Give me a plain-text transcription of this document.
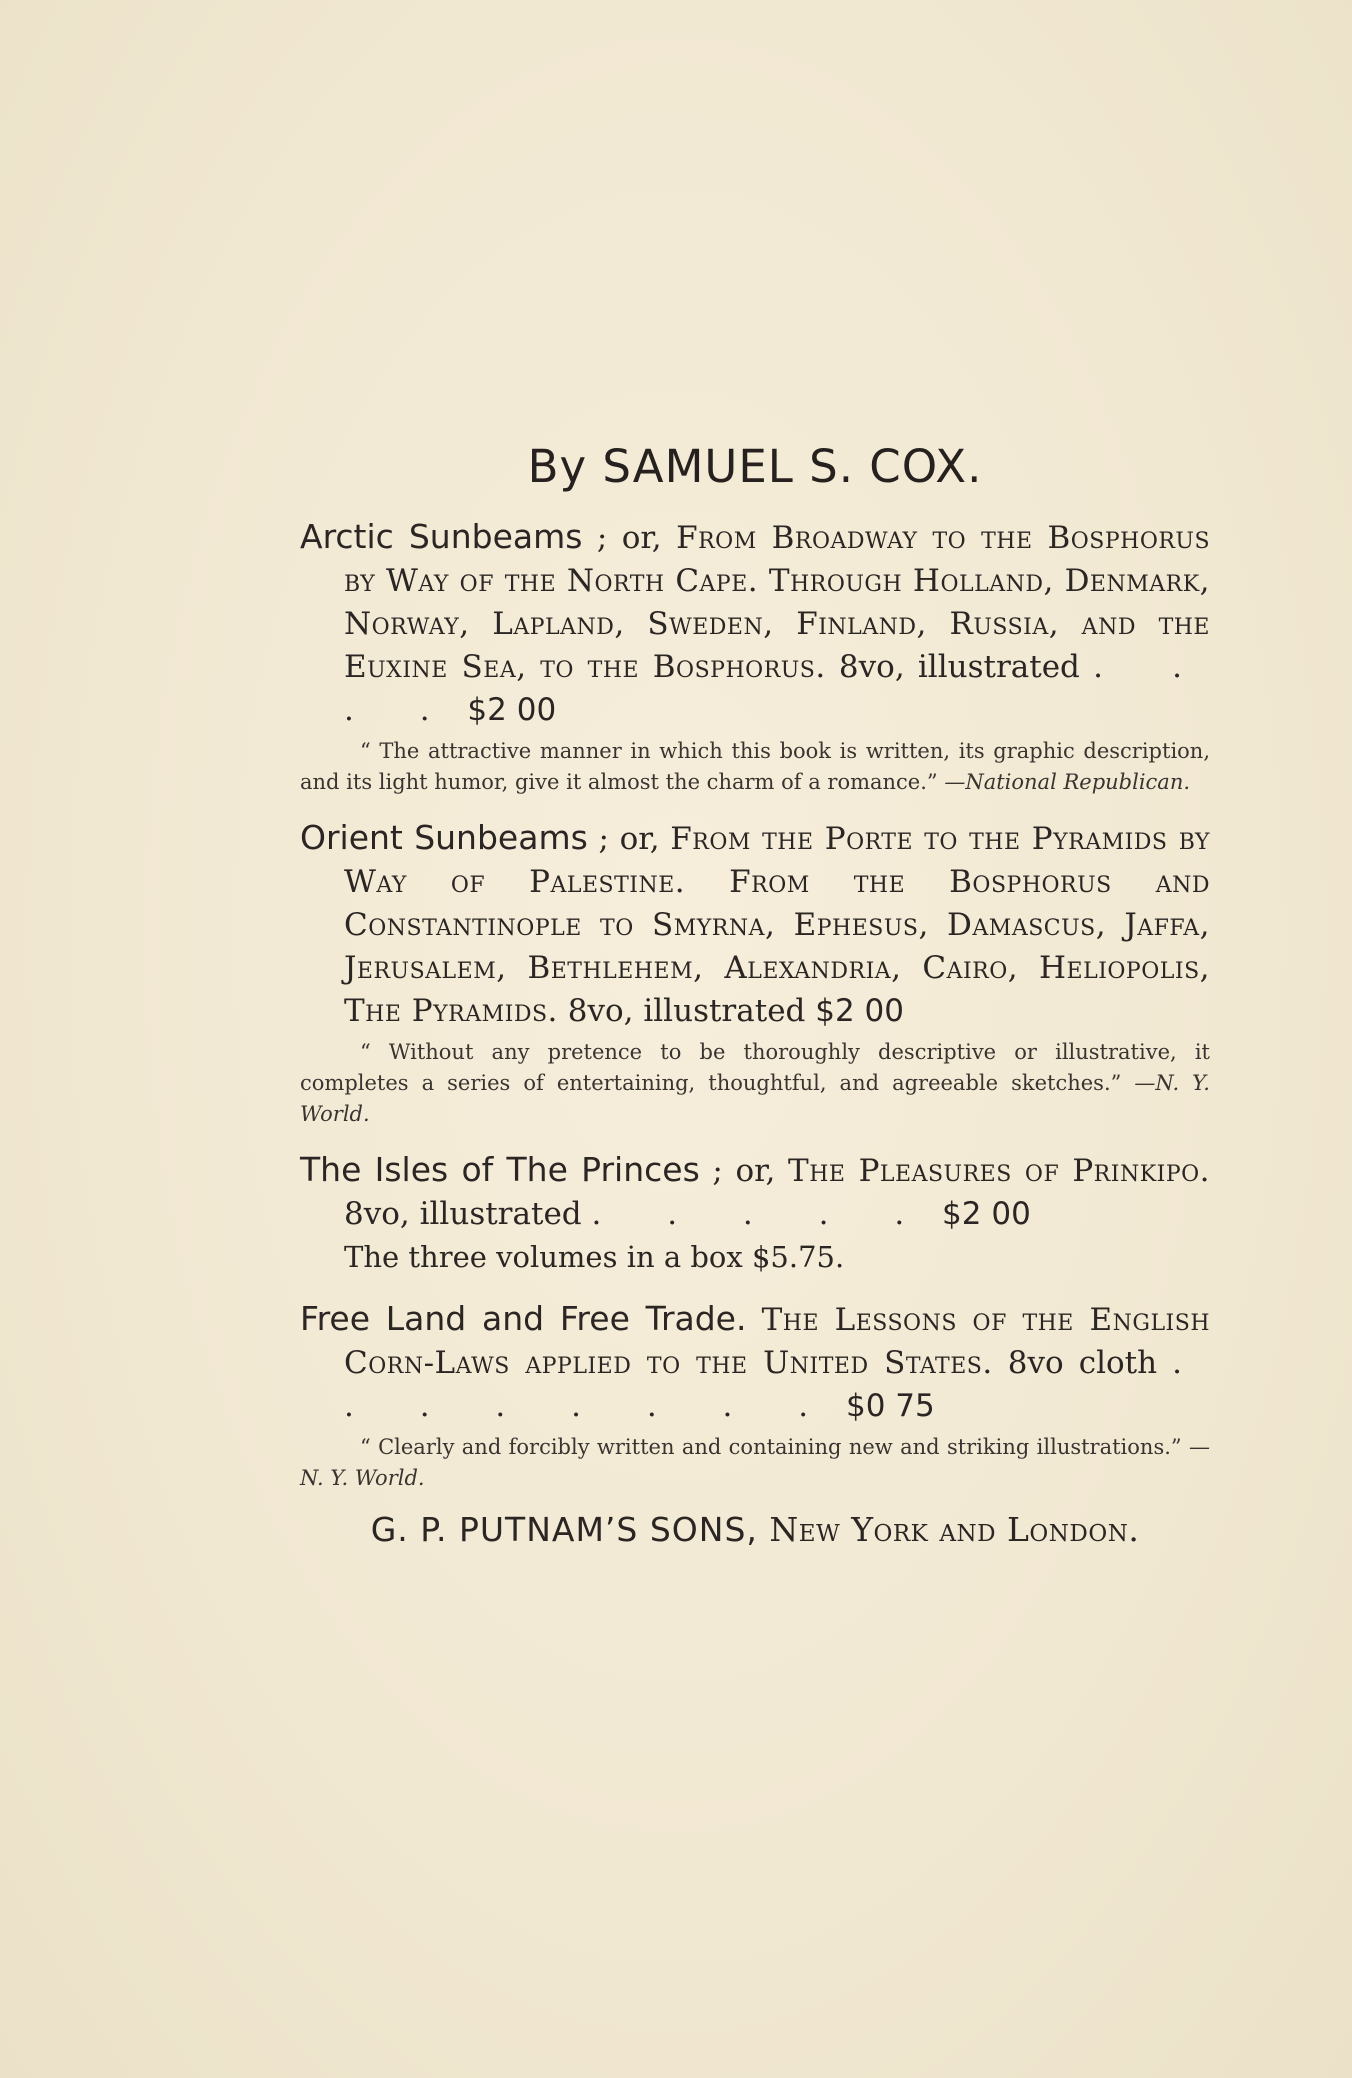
By SAMUEL S. COX.
Arctic Sunbeams ; or, From Broadway to the Bosphorus by Way of the North Cape. Through Holland, Denmark, Norway, Lapland, Sweden, Finland, Russia, and the Euxine Sea, to the Bosphorus. 8vo, illustrated . . . . $2 00
“ The attractive manner in which this book is written, its graphic description, and its light humor, give it almost the charm of a romance.” —National Republican.
Orient Sunbeams ; or, From the Porte to the Pyramids by Way of Palestine. From the Bosphorus and Constantinople to Smyrna, Ephesus, Damascus, Jaffa, Jerusalem, Bethlehem, Alexandria, Cairo, Heliopolis, The Pyramids. 8vo, illustrated $2 00
“ Without any pretence to be thoroughly descriptive or illustrative, it completes a series of entertaining, thoughtful, and agreeable sketches.” —N. Y. World.
The Isles of The Princes ; or, The Pleasures of Prinkipo. 8vo, illustrated . . . . . $2 00
The three volumes in a box $5.75.
Free Land and Free Trade. The Lessons of the English Corn-Laws applied to the United States. 8vo cloth . . . . . . . . $0 75
“ Clearly and forcibly written and containing new and striking illustrations.” —N. Y. World.
G. P. PUTNAM’S SONS, New York and London.
